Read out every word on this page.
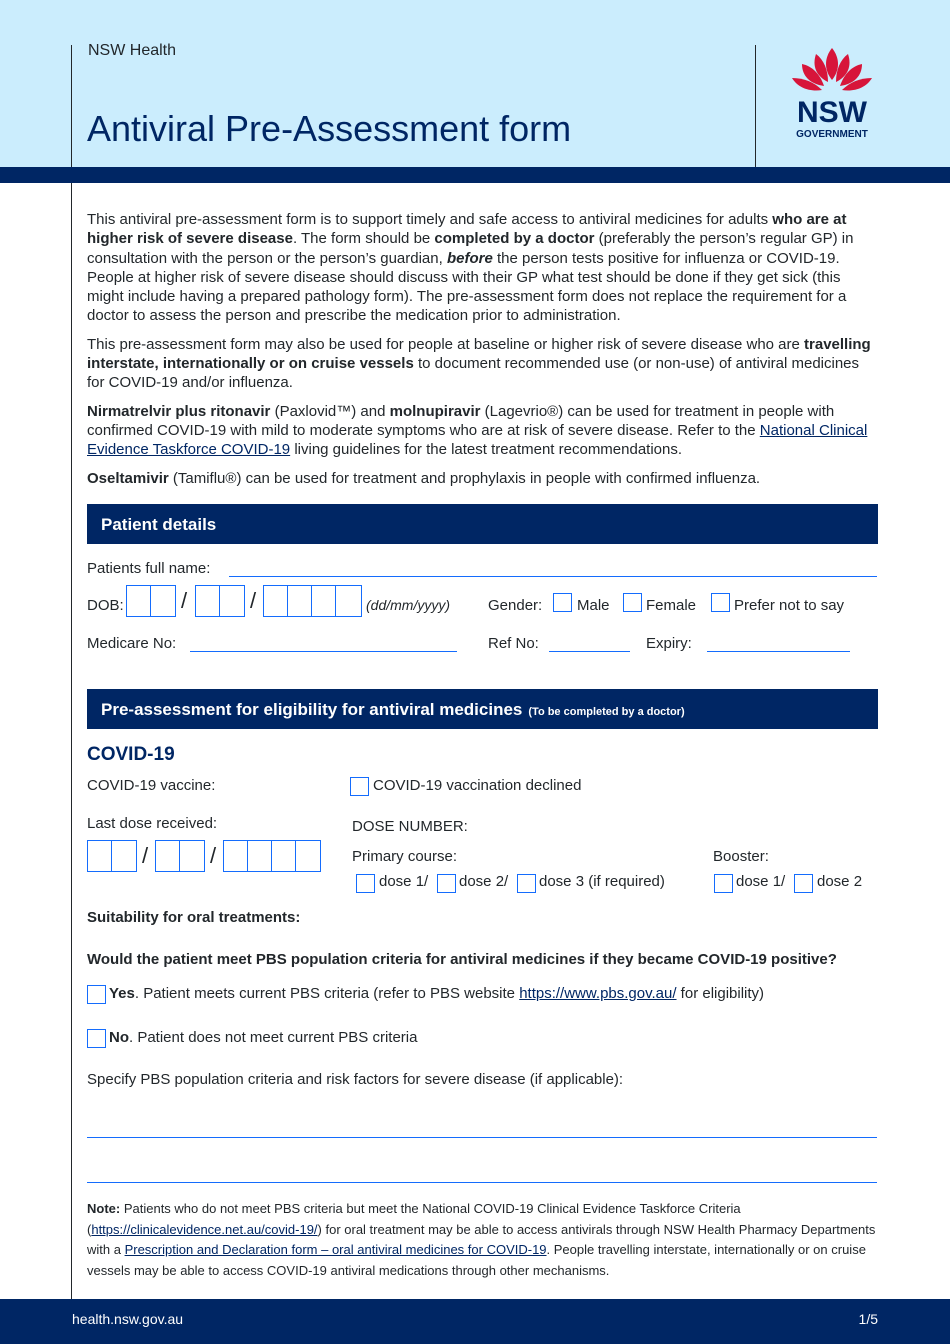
NSW Health
Antiviral Pre-Assessment form	NSW
GOVERNMENT

This antiviral pre-assessment form is to support timely and safe access to antiviral medicines for adults who are at higher risk of severe disease. The form should be completed by a doctor (preferably the person’s regular GP) in consultation with the person or the person’s guardian, before the person tests positive for influenza or COVID-19. People at higher risk of severe disease should discuss with their GP what test should be done if they get sick (this might include having a prepared pathology form). The pre-assessment form does not replace the requirement for a doctor to assess the person and prescribe the medication prior to administration.

This pre-assessment form may also be used for people at baseline or higher risk of severe disease who are travelling interstate, internationally or on cruise vessels to document recommended use (or non-use) of antiviral medicines for COVID-19 and/or influenza.

Nirmatrelvir plus ritonavir (Paxlovid™) and molnupiravir (Lagevrio®) can be used for treatment in people with confirmed COVID-19 with mild to moderate symptoms who are at risk of severe disease. Refer to the National Clinical Evidence Taskforce COVID-19 living guidelines for the latest treatment recommendations.

Oseltamivir (Tamiflu®) can be used for treatment and prophylaxis in people with confirmed influenza.

Patient details
Patients full name:
DOB:	/	/	(dd/mm/yyyy)	Gender: Male Female	Prefer not to say
Medicare No:	Ref No:	Expiry:
Pre-assessment for eligibility for antiviral medicines (To be completed by a doctor)
COVID-19
COVID-19 vaccine:	COVID-19 vaccination declined
Last dose received:
/	/
DOSE NUMBER:
Primary course:
dose 1/ dose 2/ dose 3 (if required)
Booster:
dose 1/ dose 2
Suitability for oral treatments:
Would the patient meet PBS population criteria for antiviral medicines if they became COVID-19 positive?
Yes. Patient meets current PBS criteria (refer to PBS website https://www.pbs.gov.au/ for eligibility)
No. Patient does not meet current PBS criteria
Specify PBS population criteria and risk factors for severe disease (if applicable):
Note: Patients who do not meet PBS criteria but meet the National COVID-19 Clinical Evidence Taskforce Criteria (https://clinicalevidence.net.au/covid-19/) for oral treatment may be able to access antivirals through NSW Health Pharmacy Departments with a Prescription and Declaration form – oral antiviral medicines for COVID-19. People travelling interstate, internationally or on cruise vessels may be able to access COVID-19 antiviral medications through other mechanisms.
health.nsw.gov.au	1/5
